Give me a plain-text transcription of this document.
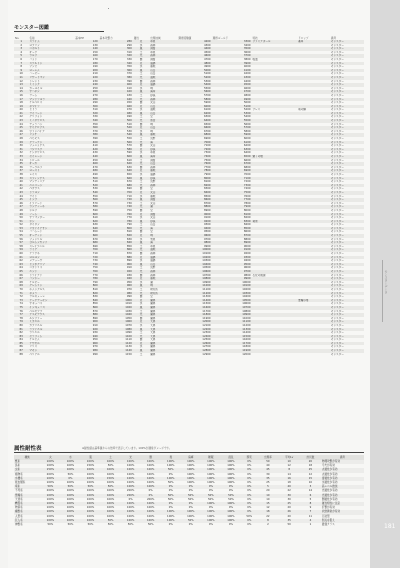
モンスターデータ
181
モンスター図鑑
No.	名前	基本HP	基本攻撃力	属性	出現地域	獲得経験値	獲得ゴールド	特技	ドロップ		備考
1	スライム	120	280	火	草原	4200	3300	ファイアボール	薬草		モンスター
2	ゴブリン	130	290	水	森林	4300	3400				モンスター
3	コボルト	140	300	風	洞窟	4400	3500				モンスター
4	オーク	150	310	土	草原	4500	3600				モンスター
5	ウルフ	160	320	光	森林	4600	3700				モンスター
6	バット	170	330	闇	洞窟	4700	3800	吸血			モンスター
7	スケルトン	180	340	火	遺跡	4800	3900				モンスター
8	ゾンビ	190	350	水	墓地	4900	4000				モンスター
9	ゴーレム	200	360	風	山岳	5000	4100				モンスター
10	ハーピー	210	370	土	山岳	5100	4200				モンスター
11	リザードマン	220	380	光	湿地	5200	4300				モンスター
12	トレント	230	390	闇	森林	5300	4400				モンスター
13	ミミック	240	400	火	遺跡	5400	4500				モンスター
14	ガーゴイル	250	410	水	城	5500	4600				モンスター
15	サハギン	260	420	風	海岸	5600	4700				モンスター
16	ワーム	270	430	土	砂漠	5700	4800				モンスター
17	マンドラゴラ	280	440	光	森林	5800	4900				モンスター
18	ケルベロス	290	450	闇	火山	5900	5000				モンスター
19	キマイラ	300	460	火	山岳	6000	5100				モンスター
20	ヒドラ	310	470	水	湿地	6100	5200	ブレス	竜の鱗		モンスター
21	ワイバーン	320	480	風	山岳	6200	5300				モンスター
22	グリフォン	330	490	土	空	6300	5400				モンスター
23	ミノタウロス	340	500	光	迷宮	6400	5500				モンスター
24	デュラハン	350	510	闇	城	6500	5600				モンスター
25	サイクロプス	360	520	火	山岳	6600	5700				モンスター
26	ヴァンパイア	370	530	水	城	6700	5800				モンスター
27	リッチ	380	540	風	墓地	6800	5900				モンスター
28	ベヒモス	390	550	土	荒野	6900	6000				モンスター
29	クラーケン	400	560	光	海	7000	6100				モンスター
30	フェニックス	410	570	闇	火山	7100	6200				モンスター
31	バジリスク	420	580	火	砂漠	7200	6300				モンスター
32	ケンタウロス	430	590	水	草原	7300	6400				モンスター
33	セイレーン	440	600	風	海岸	7400	6500	魅了の歌			モンスター
34	トロール	450	610	土	洞窟	7500	6600				モンスター
35	オーガ	460	620	光	山岳	7600	6700				モンスター
36	ワーウルフ	470	630	闇	森林	7700	6800				モンスター
37	ゴースト	480	640	火	墓地	7800	6900				モンスター
38	レイス	490	650	水	遺跡	7900	7000				モンスター
39	スフィンクス	500	660	風	砂漠	8000	7100				モンスター
40	マンティコア	510	670	土	荒野	8100	7200				モンスター
41	ユニコーン	520	680	光	森林	8200	7300				モンスター
42	ペガサス	530	690	闇	空	8300	7400				モンスター
43	ドラゴン	540	700	火	火山	8400	7500				モンスター
44	ワイト	550	710	水	墓地	8500	7600				モンスター
45	インプ	560	720	風	洞窟	8600	7700				モンスター
46	イフリート	570	730	土	火山	8700	7800				モンスター
47	ウンディーネ	580	740	光	湖	8800	7900				モンスター
48	シルフ	590	750	闇	空	8900	8000				モンスター
49	ノーム	600	760	火	洞窟	9000	8100				モンスター
50	サラマンダー	610	770	水	火山	9100	8200				モンスター
51	ジン	620	780	風	砂漠	9200	8300	竜巻			モンスター
52	タイタン	630	790	土	山岳	9300	8400				モンスター
53	リヴァイアサン	640	800	光	海	9400	8500				モンスター
54	バハムート	650	810	闇	空	9500	8600				モンスター
55	オーディン	660	820	火	城	9600	8700				モンスター
56	フェンリル	670	830	水	雪原	9700	8800				モンスター
57	ヨルムンガンド	680	840	風	海	9800	8900				モンスター
58	スレイプニル	690	850	土	草原	9900	9000				モンスター
59	ラミア	700	860	光	湿地	10000	9100				モンスター
60	アラクネ	710	870	闇	森林	10100	9200				モンスター
61	ゴルゴン	720	880	火	遺跡	10200	9300				モンスター
62	メデューサ	730	890	水	遺跡	10300	9400				モンスター
63	ヒッポグリフ	740	900	風	山岳	10400	9500				モンスター
64	コカトリス	750	910	土	荒野	10500	9600				モンスター
65	エント	760	920	光	森林	10600	9700				モンスター
66	ドライアド	770	930	闇	森林	10700	9800	石化の視線			モンスター
67	バンシー	780	940	火	墓地	10800	9900				モンスター
68	ケルピー	790	950	水	湖	10900	10000				モンスター
69	グレムリン	800	960	風	城	11000	10100				モンスター
70	ホムンクルス	810	970	土	研究所	11100	10200				モンスター
71	キメラ	820	980	光	研究所	11200	10300				モンスター
72	ワルキューレ	830	990	闇	空	11300	10400				モンスター
73	アークデーモン	840	1000	火	魔界	11400	10500		悪魔の角		モンスター
74	サキュバス	850	1010	水	魔界	11500	10600				モンスター
75	インキュバス	860	1020	風	魔界	11600	10700				モンスター
76	ベルゼブブ	870	1030	土	魔界	11700	10800				モンスター
77	アスモデウス	880	1040	光	魔界	11800	10900				モンスター
78	ルシファー	890	1050	闇	魔界	11900	11000				モンスター
79	ミカエル	900	1060	火	天界	12000	11100				モンスター
80	ガブリエル	910	1070	水	天界	12100	11200				モンスター
81	ラファエル	920	1080	風	天界	12200	11300				モンスター
82	ウリエル	930	1090	土	天界	12300	11400				モンスター
83	セラフィム	940	1100	光	天界	12400	11500				モンスター
84	ケルビム	950	1110	闇	天界	12500	11600				モンスター
85	アザゼル	960	1120	火	魔界	12600	11700				モンスター
86	リリス	970	1130	水	魔界	12700	11800				モンスター
87	マモン	980	1140	風	魔界	12800	11900				モンスター
88	ベリアル	990	1150	土	魔界	12900	12000				モンスター
属性耐性表	※耐性値は基準値からの倍率で表示しています。100%が通常ダメージです。
種族	火	水	風	土	光	闇	毒	麻痺	睡眠	混乱	即死	出現率	平均Lv	討伐数	備考
獣系	100%	100%	100%	100%	100%	100%	100%	100%	100%	100%	0%	50	10	20	物理攻撃が有効
鳥系	100%	100%	150%	50%	100%	100%	100%	100%	100%	100%	0%	40	12	18	弓矢が有効
虫系	150%	100%	100%	100%	100%	100%	50%	100%	100%	100%	0%	45	8	25	火属性が有効
植物系	200%	50%	100%	100%	100%	100%	0%	100%	100%	100%	0%	30	14	12	火属性が有効
水棲系	100%	0%	100%	150%	100%	100%	100%	100%	100%	100%	0%	35	16	15	雷属性が有効
爬虫類系	100%	100%	100%	100%	100%	100%	50%	100%	100%	100%	0%	25	18	10	氷属性が有効
竜系	50%	50%	50%	50%	100%	100%	0%	0%	0%	0%	0%	5	40	3	高レベル推奨
不死系	200%	100%	100%	100%	200%	0%	0%	0%	0%	0%	0%	20	22	14	光属性が有効
悪魔系	100%	100%	100%	100%	200%	0%	50%	50%	50%	50%	0%	10	30	6	光属性が有効
天使系	100%	100%	100%	100%	0%	200%	50%	50%	50%	50%	0%	10	30	5	闇属性が有効
精霊系	100%	100%	100%	100%	100%	100%	0%	0%	100%	100%	0%	15	25	8	属性相性に注意
物質系	100%	100%	100%	100%	100%	100%	0%	0%	0%	0%	0%	12	20	9	打撃が有効
魔獣系	100%	100%	100%	100%	100%	100%	100%	100%	100%	100%	0%	18	26	7	状態異常が有効
人型系	100%	100%	100%	100%	100%	100%	100%	100%	100%	100%	50%	22	20	11	万能型
巨人系	100%	100%	100%	50%	100%	100%	100%	50%	100%	100%	0%	8	35	4	弱点を狙え
神獣系	50%	50%	50%	50%	50%	50%	0%	0%	0%	0%	0%	2	50	1	最強クラス
